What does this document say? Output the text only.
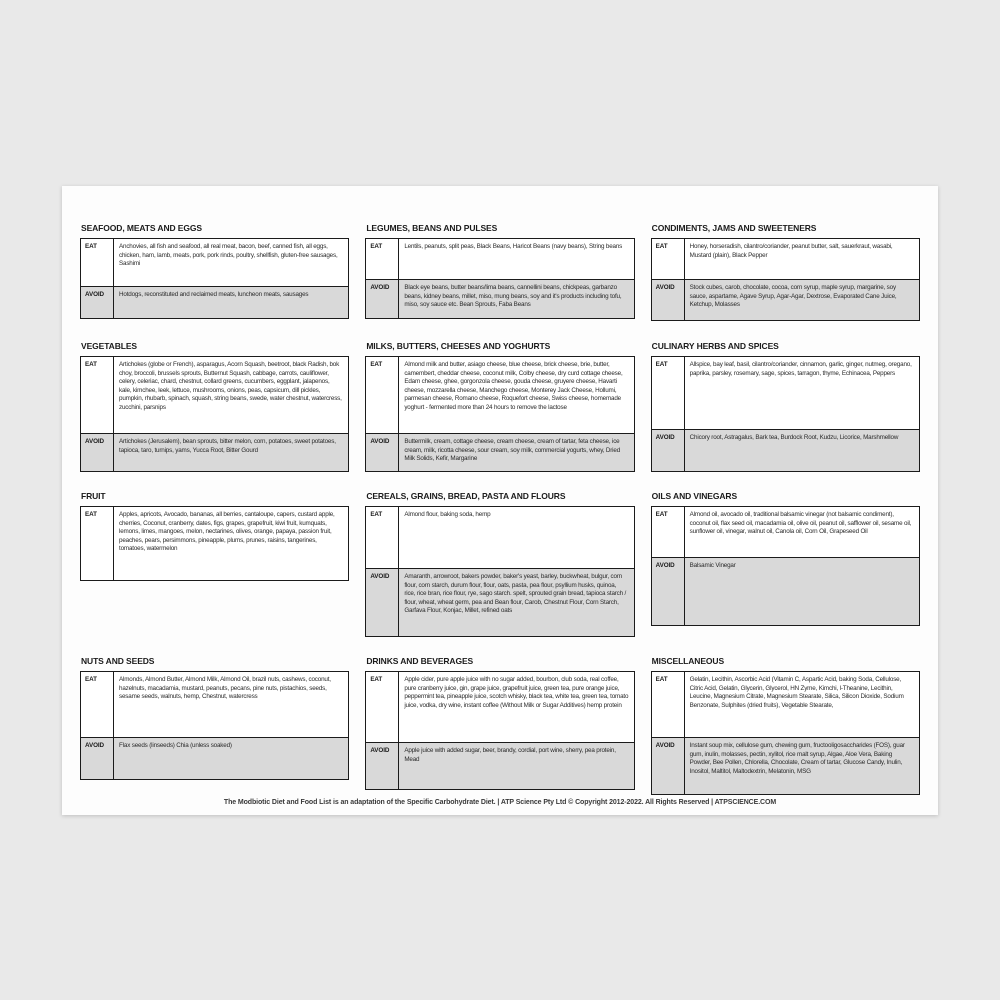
SEAFOOD, MEATS AND EGGS
EAT	Anchovies, all fish and seafood, all real meat, bacon, beef, canned fish, all eggs, chicken, ham, lamb, meats, pork, pork rinds, poultry, shellfish, gluten-free sausages, Sashimi
AVOID	Hotdogs, reconstituted and reclaimed meats, luncheon meats, sausages
LEGUMES, BEANS AND PULSES
EAT	Lentils, peanuts, split peas, Black Beans, Haricot Beans (navy beans), String beans
AVOID	Black eye beans, butter beans/lima beans, cannellini beans, chickpeas, garbanzo beans, kidney beans, millet, miso, mung beans, soy and it's products including tofu, miso, soy sauce etc. Bean Sprouts, Faba Beans
CONDIMENTS, JAMS AND SWEETENERS
EAT	Honey, horseradish, cilantro/coriander, peanut butter, salt, sauerkraut, wasabi, Mustard (plain), Black Pepper
AVOID	Stock cubes, carob, chocolate, cocoa, corn syrup, maple syrup, margarine, soy sauce, aspartame, Agave Syrup, Agar-Agar, Dextrose, Evaporated Cane Juice, Ketchup, Molasses
VEGETABLES
EAT	Artichokes (globe or French), asparagus, Acorn Squash, beetroot, black Radish, bok choy, broccoli, brussels sprouts, Butternut Squash, cabbage, carrots, cauliflower, celery, celeriac, chard, chestnut, collard greens, cucumbers, eggplant, jalapenos, kale, kimchee, leek, lettuce, mushrooms, onions, peas, capsicum, dill pickles, pumpkin, rhubarb, spinach, squash, string beans, swede, water chestnut, watercress, zucchini, parsnips
AVOID	Artichokes (Jerusalem), bean sprouts, bitter melon, corn, potatoes, sweet potatoes, tapioca, taro, turnips, yams, Yucca Root, Bitter Gourd
MILKS, BUTTERS, CHEESES AND YOGHURTS
EAT	Almond milk and butter, asiago cheese, blue cheese, brick cheese, brie, butter, camembert, cheddar cheese, coconut milk, Colby cheese, dry curd cottage cheese, Edam cheese, ghee, gorgonzola cheese, gouda cheese, gruyere cheese, Havarti cheese, mozzarella cheese, Manchego cheese, Monterey Jack Cheese, Hollumi, parmesan cheese, Romano cheese, Roquefort cheese, Swiss cheese, homemade yoghurt - fermented more than 24 hours to remove the lactose
AVOID	Buttermilk, cream, cottage cheese, cream cheese, cream of tartar, feta cheese, ice cream, milk, ricotta cheese, sour cream, soy milk, commercial yogurts, whey, Dried Milk Solids, Kefir, Margarine
CULINARY HERBS AND SPICES
EAT	Allspice, bay leaf, basil, cilantro/coriander, cinnamon, garlic, ginger, nutmeg, oregano, paprika, parsley, rosemary, sage, spices, tarragon, thyme, Echinacea, Peppers
AVOID	Chicory root, Astragalus, Bark tea, Burdock Root, Kudzu, Licorice, Marshmellow
FRUIT
EAT	Apples, apricots, Avocado, bananas, all berries, cantaloupe, capers, custard apple, cherries, Coconut, cranberry, dates, figs, grapes, grapefruit, kiwi fruit, kumquats, lemons, limes, mangoes, melon, nectarines, olives, orange, papaya, passion fruit, peaches, pears, persimmons, pineapple, plums, prunes, raisins, tangerines, tomatoes, watermelon
CEREALS, GRAINS, BREAD, PASTA AND FLOURS
EAT	Almond flour, baking soda, hemp
AVOID	Amaranth, arrowroot, bakers powder, baker's yeast, barley, buckwheat, bulgur, corn flour, corn starch, durum flour, flour, oats, pasta, pea flour, psyllium husks, quinoa, rice, rice bran, rice flour, rye, sago starch. spelt, sprouted grain bread, tapioca starch / flour, wheat, wheat germ, pea and Bean flour, Carob, Chestnut Flour, Corn Starch, Garfava Flour, Konjac, Millet, refined oats
OILS AND VINEGARS
EAT	Almond oil, avocado oil, traditional balsamic vinegar (not balsamic condiment), coconut oil, flax seed oil, macadamia oil, olive oil, peanut oil, safflower oil, sesame oil, sunflower oil, vinegar, walnut oil, Canola oil, Corn Oil, Grapeseed Oil
AVOID	Balsamic Vinegar
NUTS AND SEEDS
EAT	Almonds, Almond Butter, Almond Milk, Almond Oil, brazil nuts, cashews, coconut, hazelnuts, macadamia, mustard, peanuts, pecans, pine nuts, pistachios, seeds, sesame seeds, walnuts, hemp, Chestnut, watercress
AVOID	Flax seeds (linseeds) Chia (unless soaked)
DRINKS AND BEVERAGES
EAT	Apple cider, pure apple juice with no sugar added, bourbon, club soda, real coffee, pure cranberry juice, gin, grape juice, grapefruit juice, green tea, pure orange juice, peppermint tea, pineapple juice, scotch whisky, black tea, white tea, green tea, tomato juice, vodka, dry wine, instant coffee (Without Milk or Sugar Additives) hemp protein
AVOID	Apple juice with added sugar, beer, brandy, cordial, port wine, sherry, pea protein, Mead
MISCELLANEOUS
EAT	Gelatin, Lecithin, Ascorbic Acid (Vitamin C, Aspartic Acid, baking Soda, Cellulose, Citric Acid, Gelatin, Glycerin, Glycerol, HN Zyme, Kimchi, l-Theanine, Lecithin, Leucine, Magnesium Citrate, Magnesium Stearate, Silica, Silicon Dioxide, Sodium Benzonate, Sulphites (dried fruits), Vegetable Stearate,
AVOID	Instant soup mix, cellulose gum, chewing gum, fructooligosaccharides (FOS), guar gum, inulin, molasses, pectin, xylitol, rice malt syrup, Algae, Aloe Vera, Baking Powder, Bee Pollen, Chlorella, Chocolate, Cream of tartar, Glucose Candy, Inulin, Inositol, Maltitol, Maltodextrin, Melatonin, MSG
The Modbiotic Diet and Food List is an adaptation of the Specific Carbohydrate Diet. | ATP Science Pty Ltd © Copyright 2012-2022. All Rights Reserved | ATPSCIENCE.COM
